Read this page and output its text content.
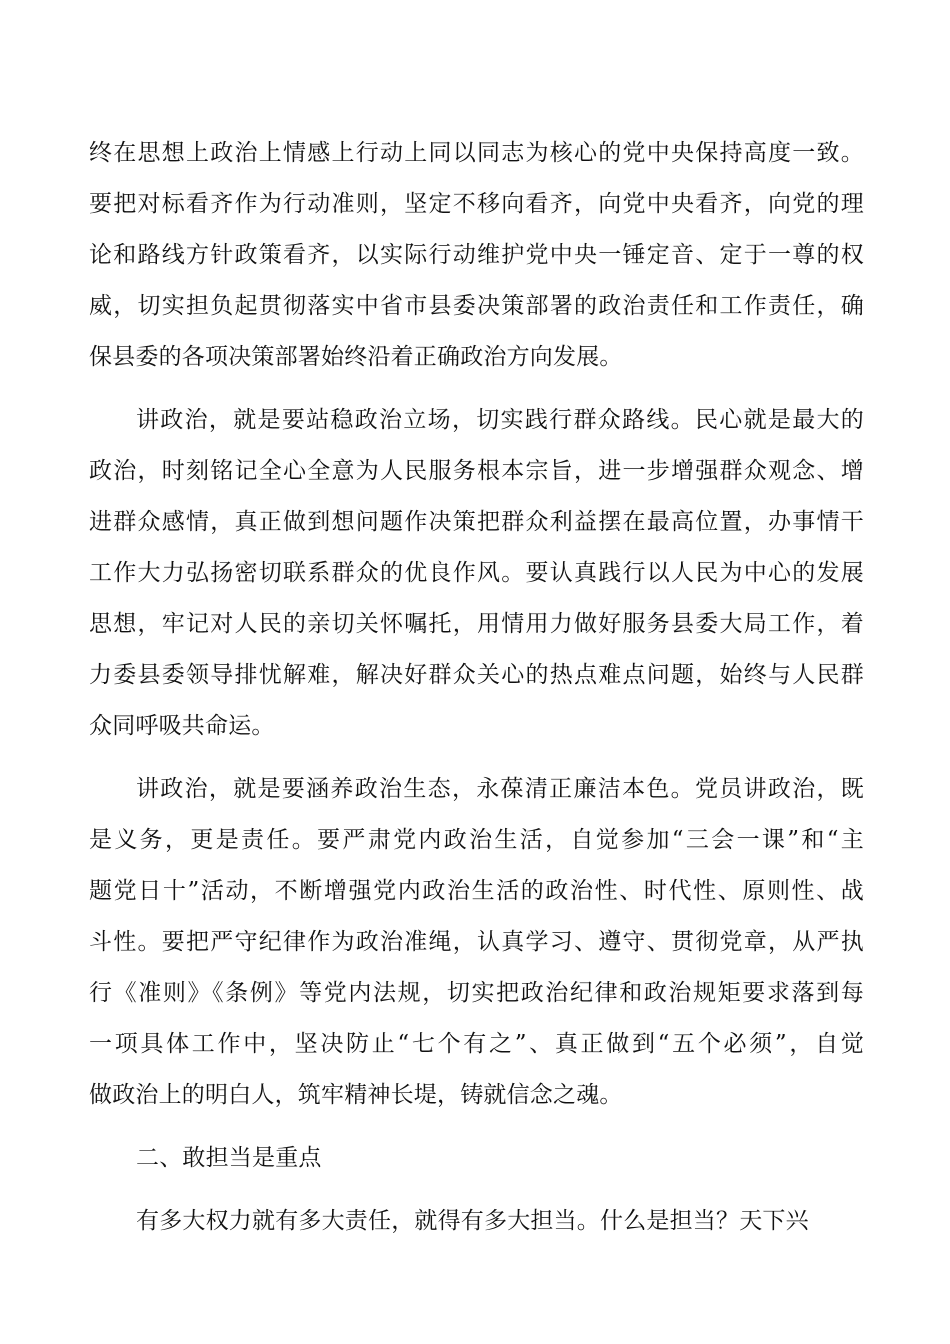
终在思想上政治上情感上行动上同以同志为核心的党中央保持高度一致。
要把对标看齐作为行动准则，坚定不移向看齐，向党中央看齐，向党的理
论和路线方针政策看齐，以实际行动维护党中央一锤定音、定于一尊的权
威，切实担负起贯彻落实中省市县委决策部署的政治责任和工作责任，确
保县委的各项决策部署始终沿着正确政治方向发展。
讲政治，就是要站稳政治立场，切实践行群众路线。民心就是最大的
政治，时刻铭记全心全意为人民服务根本宗旨，进一步增强群众观念、增
进群众感情，真正做到想问题作决策把群众利益摆在最高位置，办事情干
工作大力弘扬密切联系群众的优良作风。要认真践行以人民为中心的发展
思想，牢记对人民的亲切关怀嘱托，用情用力做好服务县委大局工作，着
力委县委领导排忧解难，解决好群众关心的热点难点问题，始终与人民群
众同呼吸共命运。
讲政治，就是要涵养政治生态，永葆清正廉洁本色。党员讲政治，既
是义务，更是责任。要严肃党内政治生活，自觉参加“三会一课”和“主
题党日十”活动，不断增强党内政治生活的政治性、时代性、原则性、战
斗性。要把严守纪律作为政治准绳，认真学习、遵守、贯彻党章，从严执
行《准则》《条例》等党内法规，切实把政治纪律和政治规矩要求落到每
一项具体工作中，坚决防止“七个有之”、真正做到“五个必须”，自觉
做政治上的明白人，筑牢精神长堤，铸就信念之魂。
二、敢担当是重点
有多大权力就有多大责任，就得有多大担当。什么是担当？天下兴
